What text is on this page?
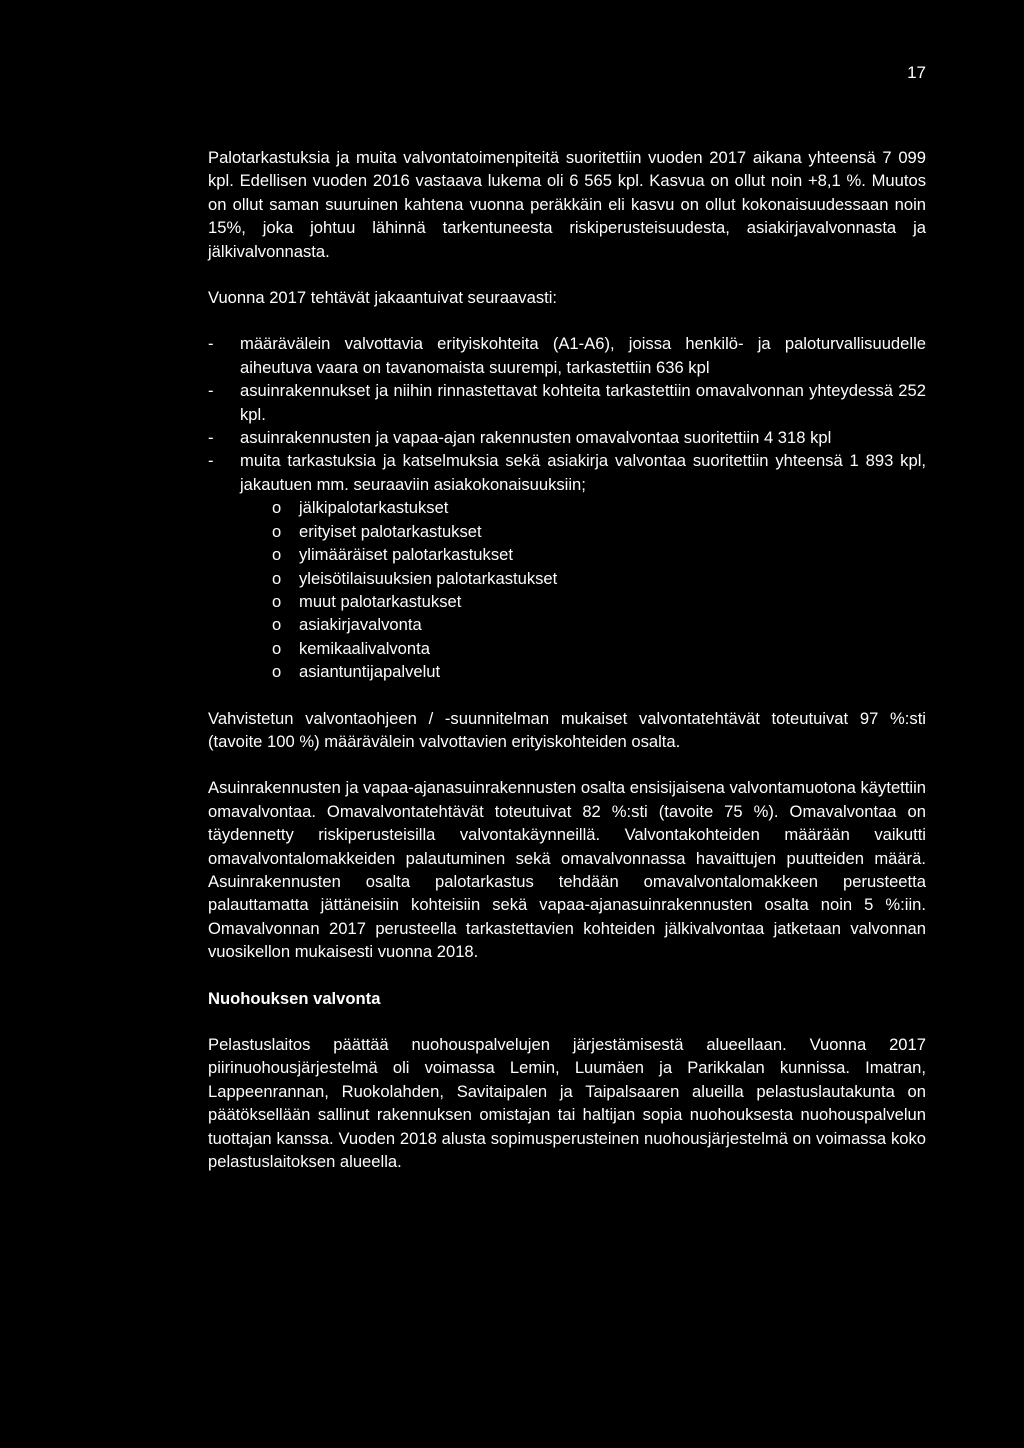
17

Palotarkastuksia ja muita valvontatoimenpiteitä suoritettiin vuoden 2017 aikana yhteensä 7 099 kpl. Edellisen vuoden 2016 vastaava lukema oli 6 565 kpl. Kasvua on ollut noin +8,1 %. Muutos on ollut saman suuruinen kahtena vuonna peräkkäin eli kasvu on ollut kokonaisuudessaan noin 15%, joka johtuu lähinnä tarkentuneesta riskiperusteisuudesta, asiakirjavalvonnasta ja jälkivalvonnasta.

Vuonna 2017 tehtävät jakaantuivat seuraavasti:

- määrävälein valvottavia erityiskohteita (A1-A6), joissa henkilö- ja paloturvallisuudelle aiheutuva vaara on tavanomaista suurempi, tarkastettiin 636 kpl
- asuinrakennukset ja niihin rinnastettavat kohteita tarkastettiin omavalvonnan yhteydessä 252 kpl.
- asuinrakennusten ja vapaa-ajan rakennusten omavalvontaa suoritettiin 4 318 kpl
- muita tarkastuksia ja katselmuksia sekä asiakirja valvontaa suoritettiin yhteensä 1 893 kpl, jakautuen mm. seuraaviin asiakokonaisuuksiin;
o jälkipalotarkastukset
o erityiset palotarkastukset
o ylimääräiset palotarkastukset
o yleisötilaisuuksien palotarkastukset
o muut palotarkastukset
o asiakirjavalvonta
o kemikaalivalvonta
o asiantuntijapalvelut

Vahvistetun valvontaohjeen / -suunnitelman mukaiset valvontatehtävät toteutuivat 97 %:sti (tavoite 100 %) määrävälein valvottavien erityiskohteiden osalta.

Asuinrakennusten ja vapaa-ajanasuinrakennusten osalta ensisijaisena valvontamuotona käytettiin omavalvontaa. Omavalvontatehtävät toteutuivat 82 %:sti (tavoite 75 %). Omavalvontaa on täydennetty riskiperusteisilla valvontakäynneillä. Valvontakohteiden määrään vaikutti omavalvontalomakkeiden palautuminen sekä omavalvonnassa havaittujen puutteiden määrä. Asuinrakennusten osalta palotarkastus tehdään omavalvontalomakkeen perusteetta palauttamatta jättäneisiin kohteisiin sekä vapaa-ajanasuinrakennusten osalta noin 5 %:iin. Omavalvonnan 2017 perusteella tarkastettavien kohteiden jälkivalvontaa jatketaan valvonnan vuosikellon mukaisesti vuonna 2018.

Nuohouksen valvonta

Pelastuslaitos päättää nuohouspalvelujen järjestämisestä alueellaan. Vuonna 2017 piirinuohousjärjestelmä oli voimassa Lemin, Luumäen ja Parikkalan kunnissa. Imatran, Lappeenrannan, Ruokolahden, Savitaipalen ja Taipalsaaren alueilla pelastuslautakunta on päätöksellään sallinut rakennuksen omistajan tai haltijan sopia nuohouksesta nuohouspalvelun tuottajan kanssa. Vuoden 2018 alusta sopimusperusteinen nuohousjärjestelmä on voimassa koko pelastuslaitoksen alueella.
